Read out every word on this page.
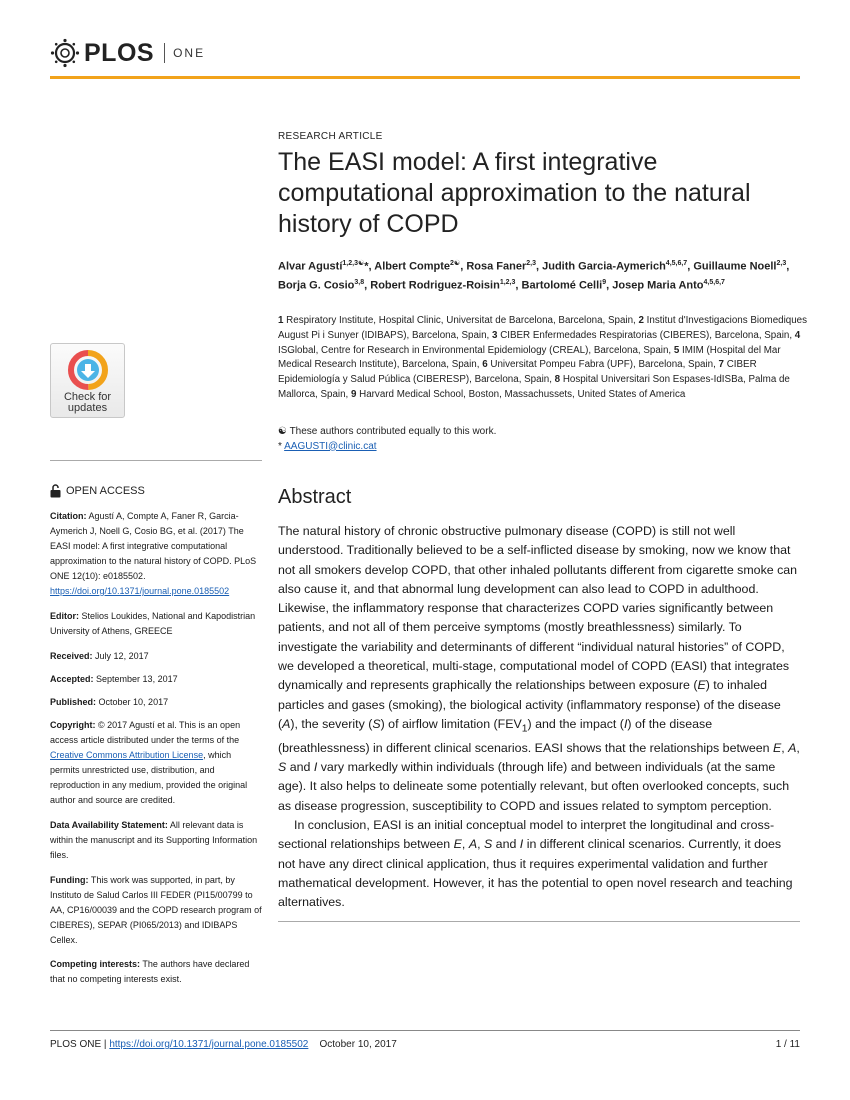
PLOS ONE
Check for
updates
OPEN ACCESS
Citation: Agustí A, Compte A, Faner R, Garcia-Aymerich J, Noell G, Cosio BG, et al. (2017) The EASI model: A first integrative computational approximation to the natural history of COPD. PLoS ONE 12(10): e0185502. https://doi.org/10.1371/journal.pone.0185502
Editor: Stelios Loukides, National and Kapodistrian University of Athens, GREECE
Received: July 12, 2017
Accepted: September 13, 2017
Published: October 10, 2017
Copyright: © 2017 Agustí et al. This is an open access article distributed under the terms of the Creative Commons Attribution License, which permits unrestricted use, distribution, and reproduction in any medium, provided the original author and source are credited.
Data Availability Statement: All relevant data is within the manuscript and its Supporting Information files.
Funding: This work was supported, in part, by Instituto de Salud Carlos III FEDER (PI15/00799 to AA, CP16/00039 and the COPD research program of CIBERES), SEPAR (PI065/2013) and IDIBAPS Cellex.
Competing interests: The authors have declared that no competing interests exist.
RESEARCH ARTICLE
The EASI model: A first integrative computational approximation to the natural history of COPD
Alvar Agustí$^{1,2,3☯}$*, Albert Compte$^{2☯}$, Rosa Faner$^{2,3}$, Judith Garcia-Aymerich$^{4,5,6,7}$, Guillaume Noell$^{2,3}$, Borja G. Cosio$^{3,8}$, Robert Rodriguez-Roisin$^{1,2,3}$, Bartolomé Celli$^9$, Josep Maria Anto$^{4,5,6,7}$
1 Respiratory Institute, Hospital Clinic, Universitat de Barcelona, Barcelona, Spain, 2 Institut d'Investigacions Biomediques August Pi i Sunyer (IDIBAPS), Barcelona, Spain, 3 CIBER Enfermedades Respiratorias (CIBERES), Barcelona, Spain, 4 ISGlobal, Centre for Research in Environmental Epidemiology (CREAL), Barcelona, Spain, 5 IMIM (Hospital del Mar Medical Research Institute), Barcelona, Spain, 6 Universitat Pompeu Fabra (UPF), Barcelona, Spain, 7 CIBER Epidemiología y Salud Pública (CIBERESP), Barcelona, Spain, 8 Hospital Universitari Son Espases-IdISBa, Palma de Mallorca, Spain, 9 Harvard Medical School, Boston, Massachussets, United States of America
☯ These authors contributed equally to this work.
* AAGUSTI@clinic.cat
Abstract

The natural history of chronic obstructive pulmonary disease (COPD) is still not well understood. Traditionally believed to be a self-inflicted disease by smoking, now we know that not all smokers develop COPD, that other inhaled pollutants different from cigarette smoke can also cause it, and that abnormal lung development can also lead to COPD in adulthood. Likewise, the inflammatory response that characterizes COPD varies significantly between patients, and not all of them perceive symptoms (mostly breathlessness) similarly. To investigate the variability and determinants of different “individual natural histories” of COPD, we developed a theoretical, multi-stage, computational model of COPD (EASI) that integrates dynamically and represents graphically the relationships between exposure (E) to inhaled particles and gases (smoking), the biological activity (inflammatory response) of the disease (A), the severity (S) of airflow limitation $(FEV_1)$ and the impact (I) of the disease (breathlessness) in different clinical scenarios. EASI shows that the relationships between E, A, S and I vary markedly within individuals (through life) and between individuals (at the same age). It also helps to delineate some potentially relevant, but often overlooked concepts, such as disease progression, susceptibility to COPD and issues related to symptom perception.

In conclusion, EASI is an initial conceptual model to interpret the longitudinal and cross-sectional relationships between E, A, S and I in different clinical scenarios. Currently, it does not have any direct clinical application, thus it requires experimental validation and further mathematical development. However, it has the potential to open novel research and teaching alternatives.

PLOS ONE | https://doi.org/10.1371/journal.pone.0185502 October 10, 2017	1 / 11
